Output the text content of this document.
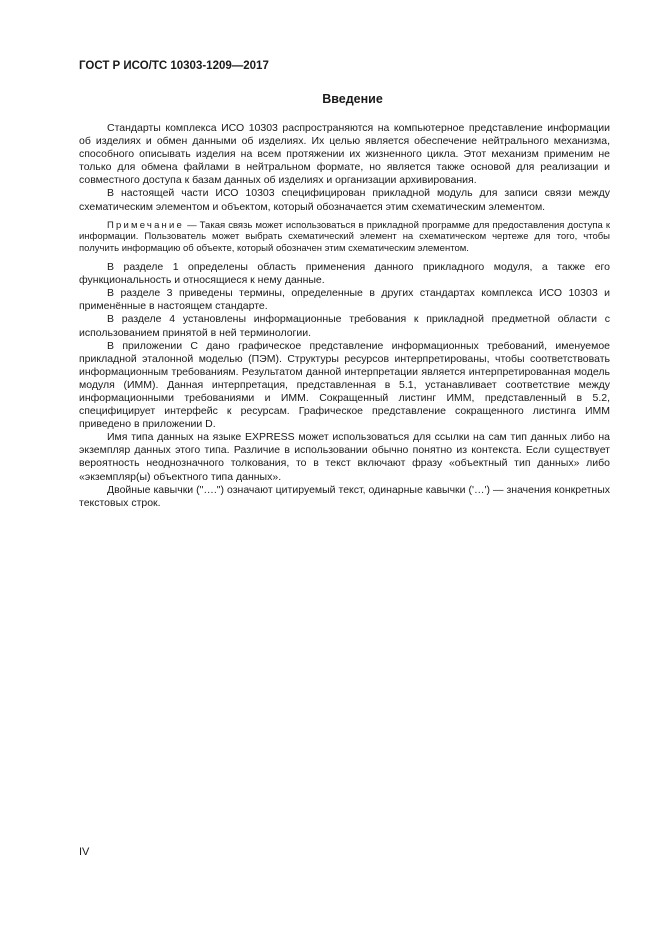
ГОСТ Р ИСО/ТС 10303-1209—2017
Введение

Стандарты комплекса ИСО 10303 распространяются на компьютерное представление информации об изделиях и обмен данными об изделиях. Их целью является обеспечение нейтрального механизма, способного описывать изделия на всем протяжении их жизненного цикла. Этот механизм применим не только для обмена файлами в нейтральном формате, но является также основой для реализации и совместного доступа к базам данных об изделиях и организации архивирования.

В настоящей части ИСО 10303 специфицирован прикладной модуль для записи связи между схематическим элементом и объектом, который обозначается этим схематическим элементом.

Примечание — Такая связь может использоваться в прикладной программе для предоставления доступа к информации. Пользователь может выбрать схематический элемент на схематическом чертеже для того, чтобы получить информацию об объекте, который обозначен этим схематическим элементом.

В разделе 1 определены область применения данного прикладного модуля, а также его функциональность и относящиеся к нему данные.

В разделе 3 приведены термины, определенные в других стандартах комплекса ИСО 10303 и применённые в настоящем стандарте.

В разделе 4 установлены информационные требования к прикладной предметной области с использованием принятой в ней терминологии.

В приложении С дано графическое представление информационных требований, именуемое прикладной эталонной моделью (ПЭМ). Структуры ресурсов интерпретированы, чтобы соответствовать информационным требованиям. Результатом данной интерпретации является интерпретированная модель модуля (ИММ). Данная интерпретация, представленная в 5.1, устанавливает соответствие между информационными требованиями и ИММ. Сокращенный листинг ИММ, представленный в 5.2, специфицирует интерфейс к ресурсам. Графическое представление сокращенного листинга ИММ приведено в приложении D.

Имя типа данных на языке EXPRESS может использоваться для ссылки на сам тип данных либо на экземпляр данных этого типа. Различие в использовании обычно понятно из контекста. Если существует вероятность неоднозначного толкования, то в текст включают фразу «объектный тип данных» либо «экземпляр(ы) объектного типа данных».

Двойные кавычки ("….") означают цитируемый текст, одинарные кавычки ('…') — значения конкретных текстовых строк.

IV
